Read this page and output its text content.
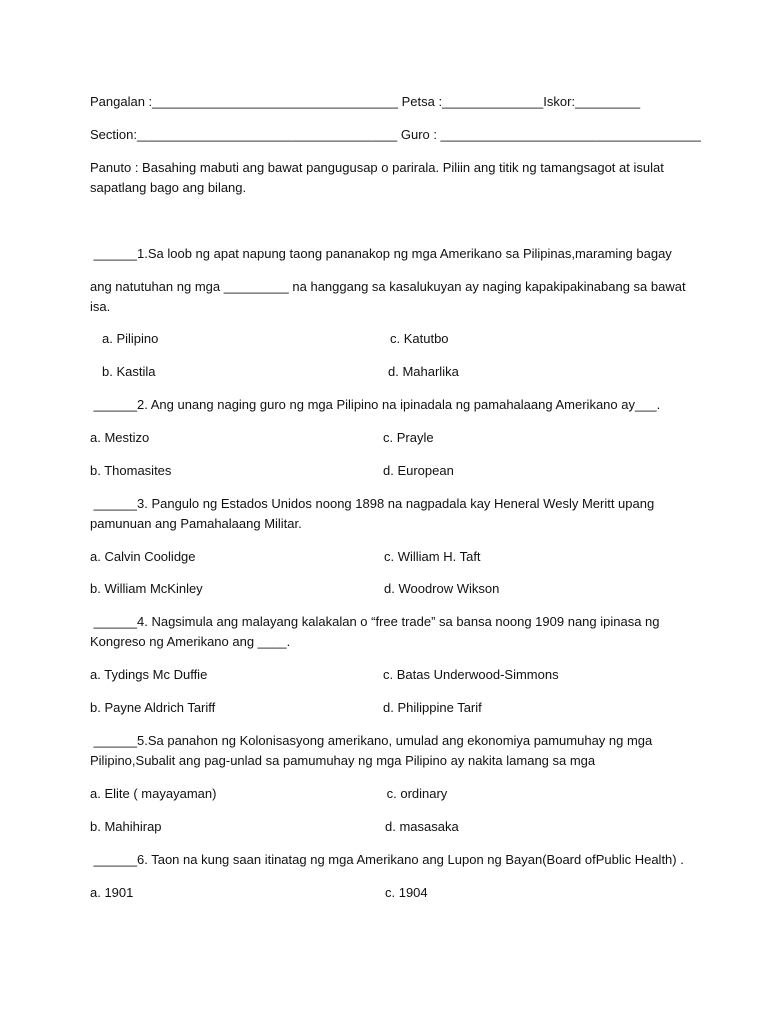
Pangalan :__________________________________ Petsa :______________Iskor:_________
Section:____________________________________ Guro : ____________________________________
Panuto : Basahing mabuti ang bawat pangugusap o parirala. Piliin ang titik ng tamangsagot at isulat
sapatlang bago ang bilang.
______1.Sa loob ng apat napung taong pananakop ng mga Amerikano sa Pilipinas,maraming bagay
ang natutuhan ng mga _________ na hanggang sa kasalukuyan ay naging kapakipakinabang sa bawat
isa.
a. Pilipino	c. Katutbo
b. Kastila	d. Maharlika
______2. Ang unang naging guro ng mga Pilipino na ipinadala ng pamahalaang Amerikano ay___.
a. Mestizo	c. Prayle
b. Thomasites	d. European
______3. Pangulo ng Estados Unidos noong 1898 na nagpadala kay Heneral Wesly Meritt upang
pamunuan ang Pamahalaang Militar.
a. Calvin Coolidge	c. William H. Taft
b. William McKinley	d. Woodrow Wikson
______4. Nagsimula ang malayang kalakalan o “free trade” sa bansa noong 1909 nang ipinasa ng
Kongreso ng Amerikano ang ____.
a. Tydings Mc Duffie	c. Batas Underwood-Simmons
b. Payne Aldrich Tariff	d. Philippine Tarif
______5.Sa panahon ng Kolonisasyong amerikano, umulad ang ekonomiya pamumuhay ng mga
Pilipino,Subalit ang pag-unlad sa pamumuhay ng mga Pilipino ay nakita lamang sa mga
a. Elite ( mayayaman)	c. ordinary
b. Mahihirap	d. masasaka
______6. Taon na kung saan itinatag ng mga Amerikano ang Lupon ng Bayan(Board ofPublic Health) .
a. 1901	c. 1904
